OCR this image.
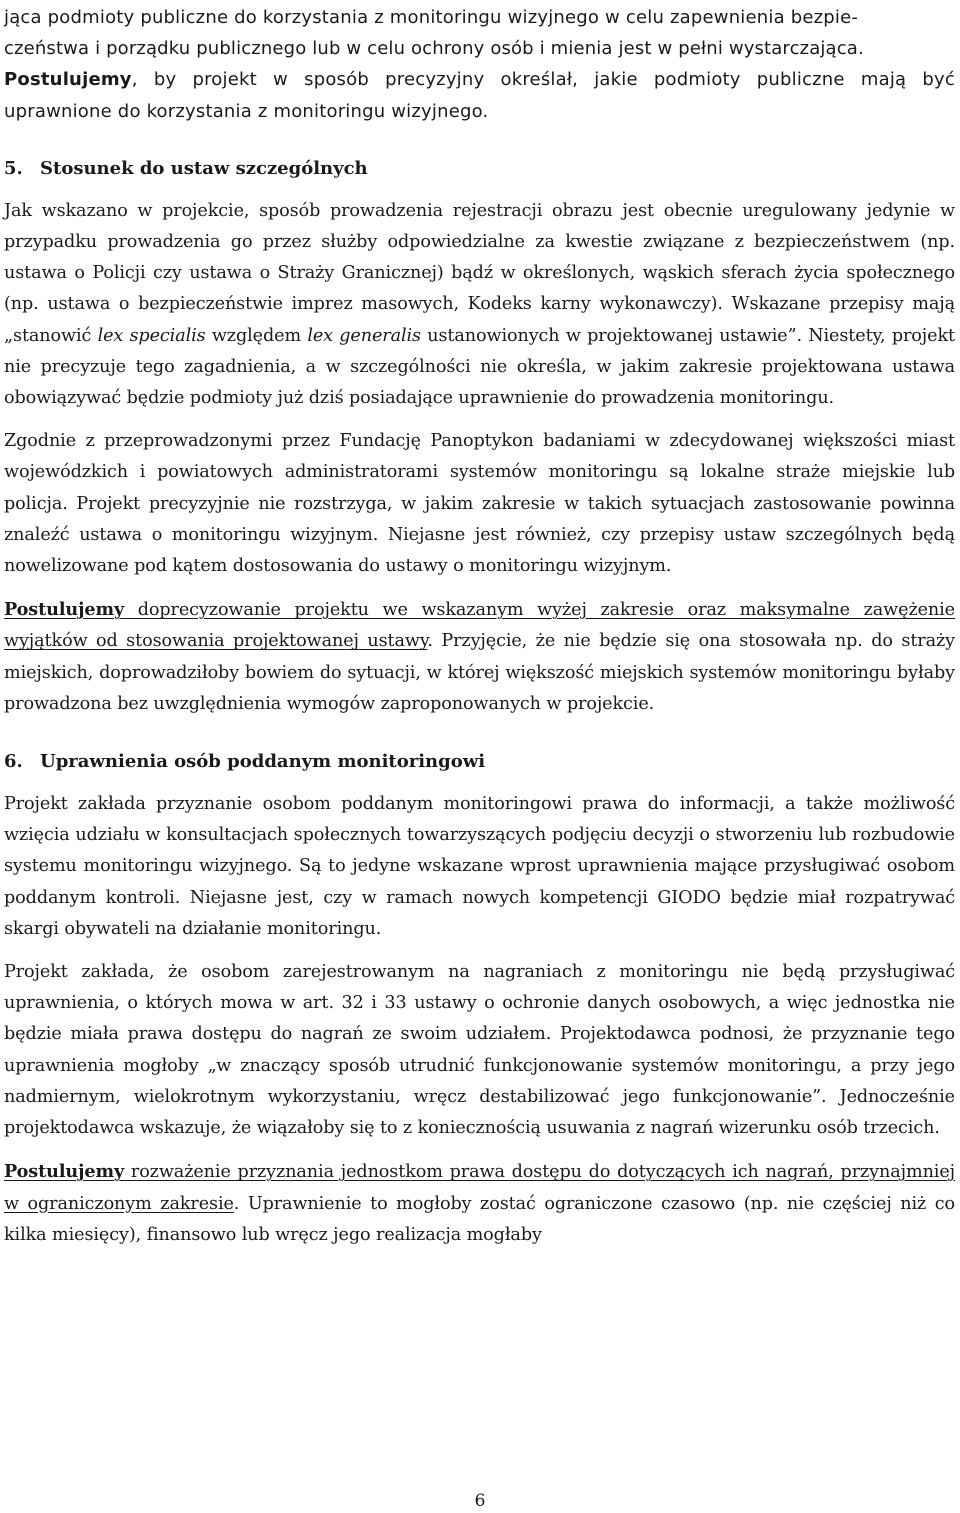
jąca podmioty publiczne do korzystania z monitoringu wizyjnego w celu zapewnienia bezpie-
czeństwa i porządku publicznego lub w celu ochrony osób i mienia jest w pełni wystarczająca.
Postulujemy, by projekt w sposób precyzyjny określał, jakie podmioty publiczne mają być uprawnione do korzystania z monitoringu wizyjnego.

5. Stosunek do ustaw szczególnych

Jak wskazano w projekcie, sposób prowadzenia rejestracji obrazu jest obecnie uregulowany jedynie w przypadku prowadzenia go przez służby odpowiedzialne za kwestie związane z bezpieczeństwem (np. ustawa o Policji czy ustawa o Straży Granicznej) bądź w określonych, wąskich sferach życia społecznego (np. ustawa o bezpieczeństwie imprez masowych, Kodeks karny wykonawczy). Wskazane przepisy mają „stanowić lex specialis względem lex generalis ustanowionych w projektowanej ustawie”. Niestety, projekt nie precyzuje tego zagadnienia, a w szczególności nie określa, w jakim zakresie projektowana ustawa obowiązywać będzie podmioty już dziś posiadające uprawnienie do prowadzenia monitoringu.

Zgodnie z przeprowadzonymi przez Fundację Panoptykon badaniami w zdecydowanej większości miast wojewódzkich i powiatowych administratorami systemów monitoringu są lokalne straże miejskie lub policja. Projekt precyzyjnie nie rozstrzyga, w jakim zakresie w takich sytuacjach zastosowanie powinna znaleźć ustawa o monitoringu wizyjnym. Niejasne jest również, czy przepisy ustaw szczególnych będą nowelizowane pod kątem dostosowania do ustawy o monitoringu wizyjnym.

Postulujemy doprecyzowanie projektu we wskazanym wyżej zakresie oraz maksymalne zawężenie wyjątków od stosowania projektowanej ustawy. Przyjęcie, że nie będzie się ona stosowała np. do straży miejskich, doprowadziłoby bowiem do sytuacji, w której większość miejskich systemów monitoringu byłaby prowadzona bez uwzględnienia wymogów zaproponowanych w projekcie.

6. Uprawnienia osób poddanym monitoringowi

Projekt zakłada przyznanie osobom poddanym monitoringowi prawa do informacji, a także możliwość wzięcia udziału w konsultacjach społecznych towarzyszących podjęciu decyzji o stworzeniu lub rozbudowie systemu monitoringu wizyjnego. Są to jedyne wskazane wprost uprawnienia mające przysługiwać osobom poddanym kontroli. Niejasne jest, czy w ramach nowych kompetencji GIODO będzie miał rozpatrywać skargi obywateli na działanie monitoringu.

Projekt zakłada, że osobom zarejestrowanym na nagraniach z monitoringu nie będą przysługiwać uprawnienia, o których mowa w art. 32 i 33 ustawy o ochronie danych osobowych, a więc jednostka nie będzie miała prawa dostępu do nagrań ze swoim udziałem. Projektodawca podnosi, że przyznanie tego uprawnienia mogłoby „w znaczący sposób utrudnić funkcjonowanie systemów monitoringu, a przy jego nadmiernym, wielokrotnym wykorzystaniu, wręcz destabilizować jego funkcjonowanie”. Jednocześnie projektodawca wskazuje, że wiązałoby się to z koniecznością usuwania z nagrań wizerunku osób trzecich.

Postulujemy rozważenie przyznania jednostkom prawa dostępu do dotyczących ich nagrań, przynajmniej w ograniczonym zakresie. Uprawnienie to mogłoby zostać ograniczone czasowo (np. nie częściej niż co kilka miesięcy), finansowo lub wręcz jego realizacja mogłaby

6
